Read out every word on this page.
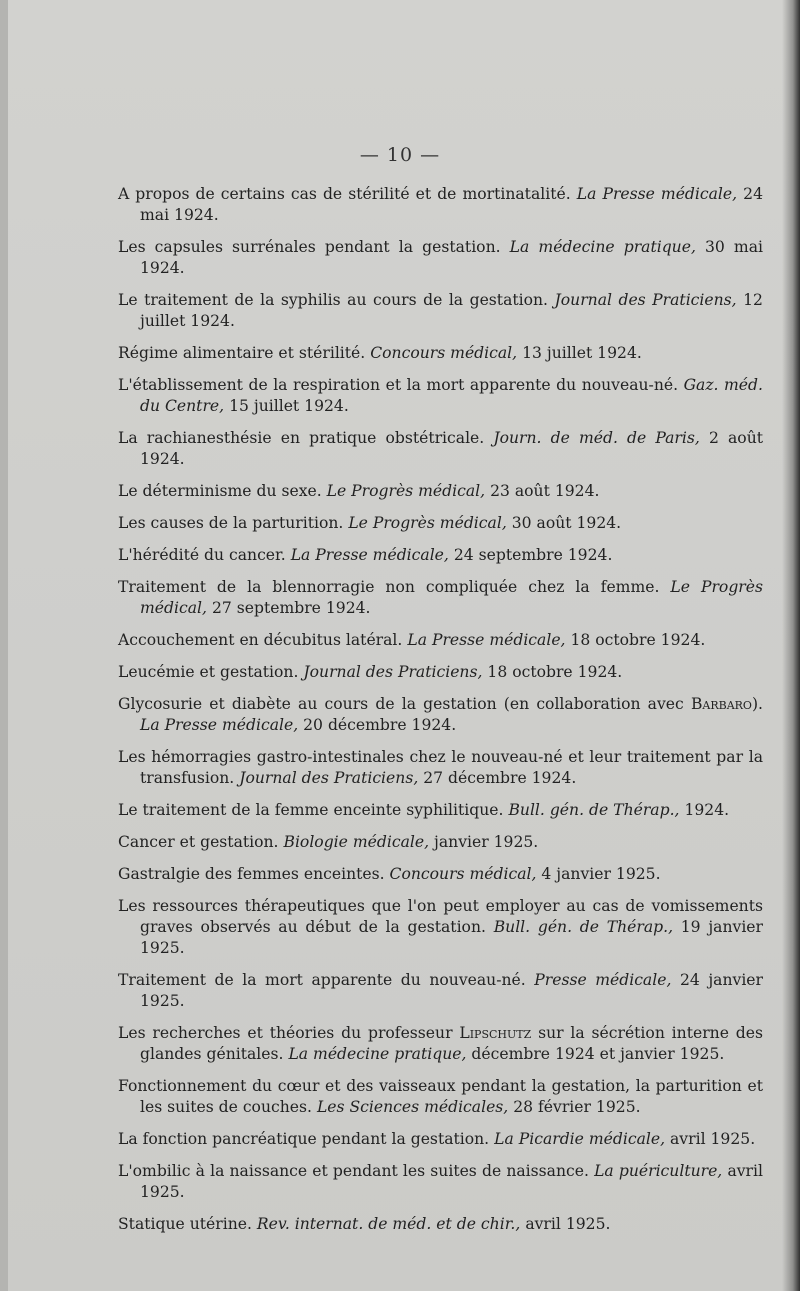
— 10 —

A propos de certains cas de stérilité et de mortinatalité. La Presse médicale, 24 mai 1924.

Les capsules surrénales pendant la gestation. La médecine pratique, 30 mai 1924.

Le traitement de la syphilis au cours de la gestation. Journal des Praticiens, 12 juillet 1924.

Régime alimentaire et stérilité. Concours médical, 13 juillet 1924.

L'établissement de la respiration et la mort apparente du nouveau-né. Gaz. méd. du Centre, 15 juillet 1924.

La rachianesthésie en pratique obstétricale. Journ. de méd. de Paris, 2 août 1924.

Le déterminisme du sexe. Le Progrès médical, 23 août 1924.

Les causes de la parturition. Le Progrès médical, 30 août 1924.

L'hérédité du cancer. La Presse médicale, 24 septembre 1924.

Traitement de la blennorragie non compliquée chez la femme. Le Progrès médical, 27 septembre 1924.

Accouchement en décubitus latéral. La Presse médicale, 18 octobre 1924.

Leucémie et gestation. Journal des Praticiens, 18 octobre 1924.

Glycosurie et diabète au cours de la gestation (en collaboration avec Barbaro). La Presse médicale, 20 décembre 1924.

Les hémorragies gastro-intestinales chez le nouveau-né et leur traitement par la transfusion. Journal des Praticiens, 27 décembre 1924.

Le traitement de la femme enceinte syphilitique. Bull. gén. de Thérap., 1924.

Cancer et gestation. Biologie médicale, janvier 1925.

Gastralgie des femmes enceintes. Concours médical, 4 janvier 1925.

Les ressources thérapeutiques que l'on peut employer au cas de vomissements graves observés au début de la gestation. Bull. gén. de Thérap., 19 janvier 1925.

Traitement de la mort apparente du nouveau-né. Presse médicale, 24 janvier 1925.

Les recherches et théories du professeur Lipschutz sur la sécrétion interne des glandes génitales. La médecine pratique, décembre 1924 et janvier 1925.

Fonctionnement du cœur et des vaisseaux pendant la gestation, la parturition et les suites de couches. Les Sciences médicales, 28 février 1925.

La fonction pancréatique pendant la gestation. La Picardie médicale, avril 1925.

L'ombilic à la naissance et pendant les suites de naissance. La puériculture, avril 1925.

Statique utérine. Rev. internat. de méd. et de chir., avril 1925.
